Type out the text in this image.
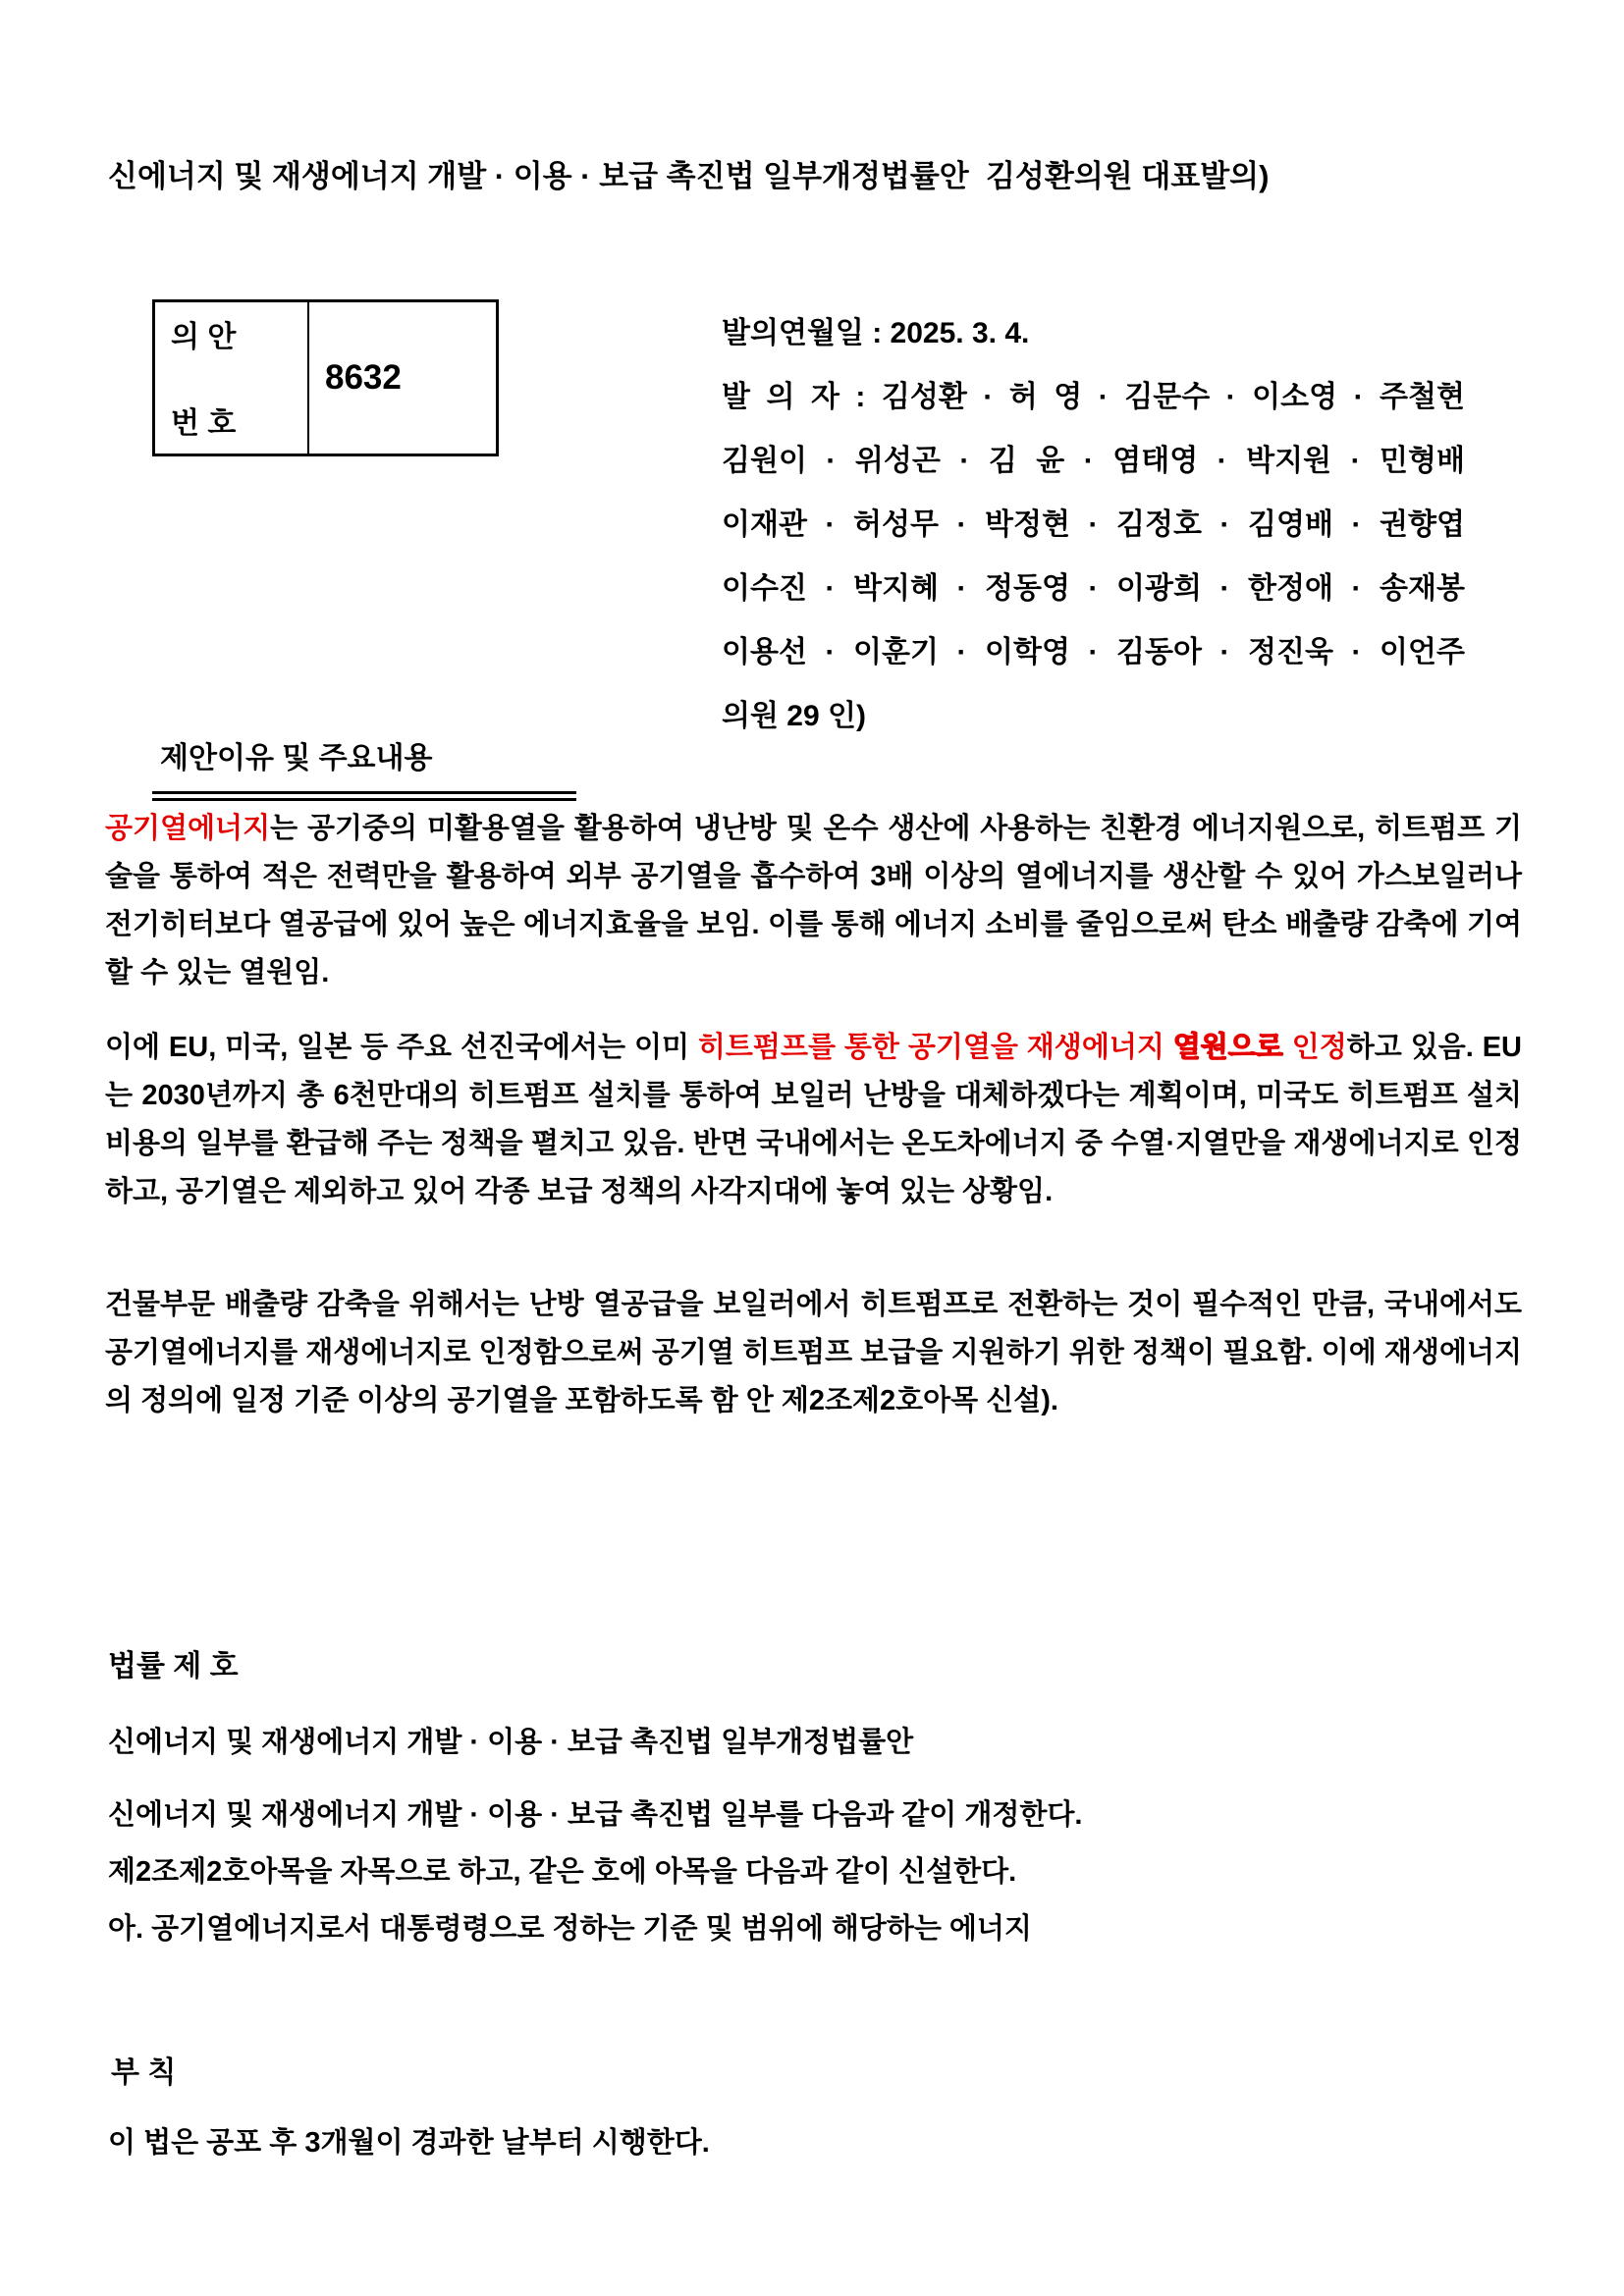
신에너지 및 재생에너지 개발 · 이용 · 보급 촉진법 일부개정법률안  김성환의원 대표발의)
의 안
번 호
8632
발의연월일 : 2025. 3. 4.
발 의 자 : 김성환 · 허 영 · 김문수 · 이소영 · 주철현
김원이 · 위성곤 · 김 윤 · 염태영 · 박지원 · 민형배
이재관 · 허성무 · 박정현 · 김정호 · 김영배 · 권향엽
이수진 · 박지혜 · 정동영 · 이광희 · 한정애 · 송재봉
이용선 · 이훈기 · 이학영 · 김동아 · 정진욱 · 이언주
의원 29 인)
제안이유 및 주요내용

공기열에너지는 공기중의 미활용열을 활용하여 냉난방 및 온수 생산에 사용하는 친환경 에너지원으로, 히트펌프 기술을 통하여 적은 전력만을 활용하여 외부 공기열을 흡수하여 3배 이상의 열에너지를 생산할 수 있어 가스보일러나 전기히터보다 열공급에 있어 높은 에너지효율을 보임. 이를 통해 에너지 소비를 줄임으로써 탄소 배출량 감축에 기여할 수 있는 열원임.

이에 EU, 미국, 일본 등 주요 선진국에서는 이미 히트펌프를 통한 공기열을 재생에너지 열원으로 인정하고 있음. EU는 2030년까지 총 6천만대의 히트펌프 설치를 통하여 보일러 난방을 대체하겠다는 계획이며, 미국도 히트펌프 설치비용의 일부를 환급해 주는 정책을 펼치고 있음. 반면 국내에서는 온도차에너지 중 수열·지열만을 재생에너지로 인정하고, 공기열은 제외하고 있어 각종 보급 정책의 사각지대에 놓여 있는 상황임.

건물부문 배출량 감축을 위해서는 난방 열공급을 보일러에서 히트펌프로 전환하는 것이 필수적인 만큼, 국내에서도 공기열에너지를 재생에너지로 인정함으로써 공기열 히트펌프 보급을 지원하기 위한 정책이 필요함. 이에 재생에너지의 정의에 일정 기준 이상의 공기열을 포함하도록 함 안 제2조제2호아목 신설).

법률 제 호
신에너지 및 재생에너지 개발 · 이용 · 보급 촉진법 일부개정법률안
신에너지 및 재생에너지 개발 · 이용 · 보급 촉진법 일부를 다음과 같이 개정한다.
제2조제2호아목을 자목으로 하고, 같은 호에 아목을 다음과 같이 신설한다.
아. 공기열에너지로서 대통령령으로 정하는 기준 및 범위에 해당하는 에너지
부 칙
이 법은 공포 후 3개월이 경과한 날부터 시행한다.
